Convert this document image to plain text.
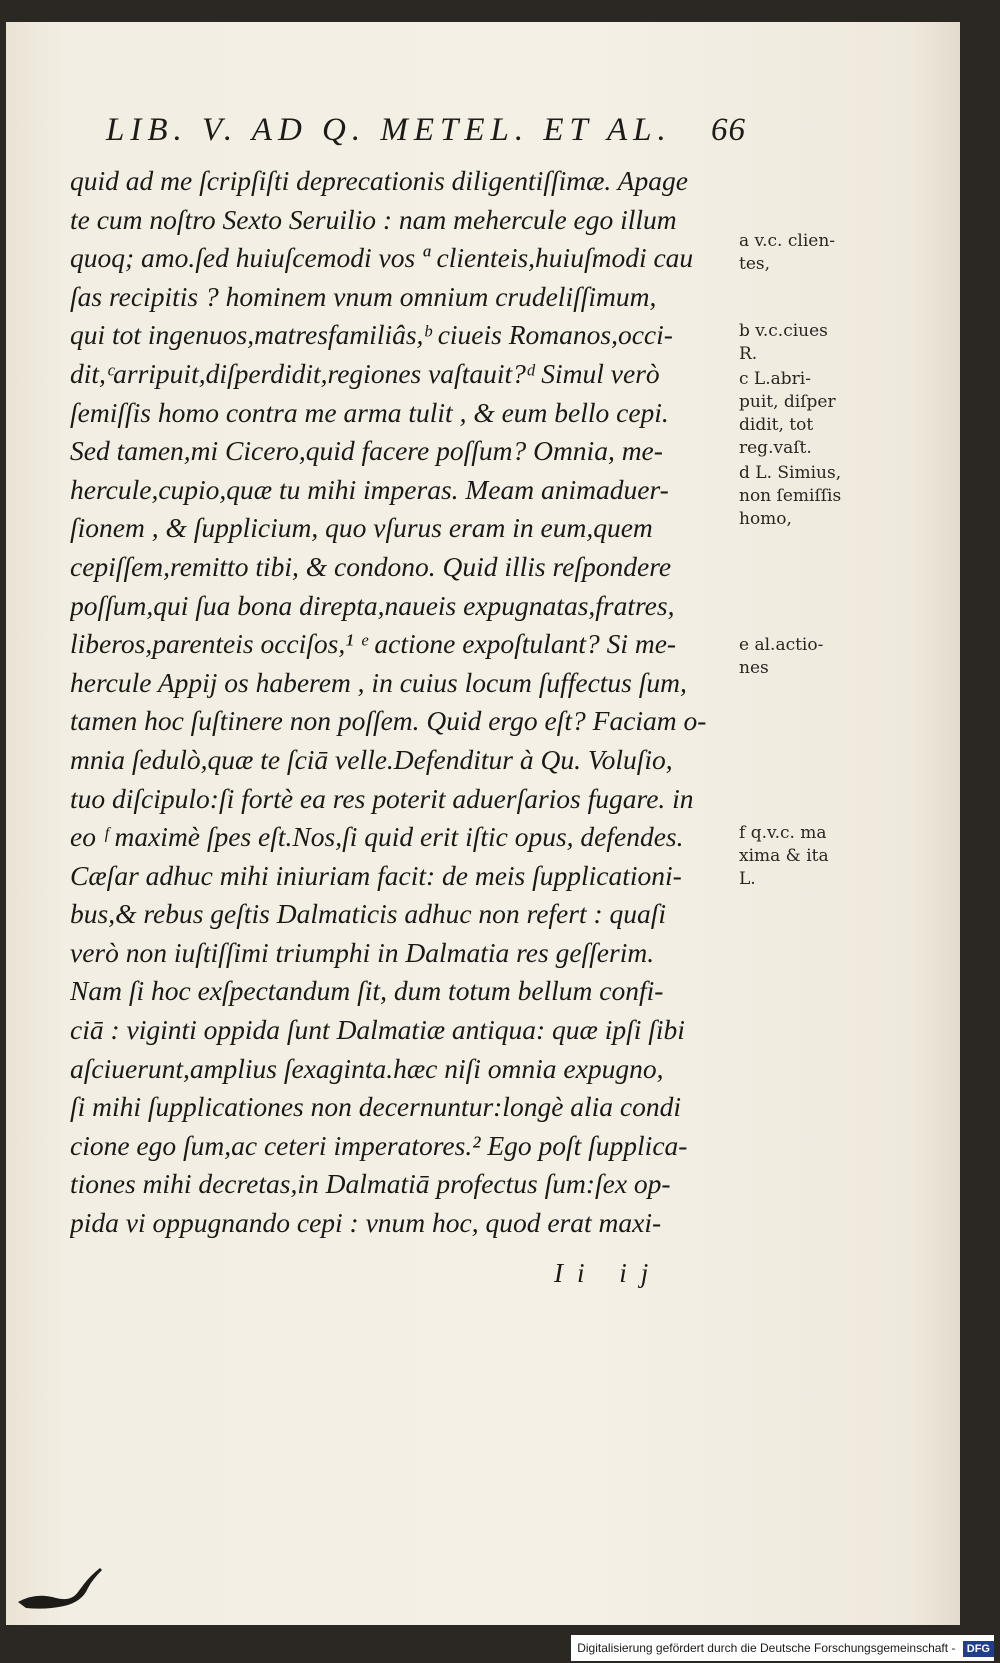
LIB. V. AD Q. METEL. ET AL. 66
quid ad me ſcripſiſti deprecationis diligentiſſimæ. Apage
te cum noſtro Sexto Seruilio : nam mehercule ego illum
quoq; amo.ſed huiuſcemodi vos ª clienteis,huiuſmodi cau
ſas recipitis ? hominem vnum omnium crudeliſſimum,
qui tot ingenuos,matresfamiliâs,ᵇ ciueis Romanos,occi-
dit,ᶜarripuit,diſperdidit,regiones vaſtauit?ᵈ Simul verò
ſemiſſis homo contra me arma tulit , & eum bello cepi.
Sed tamen,mi Cicero,quid facere poſſum? Omnia, me-
hercule,cupio,quæ tu mihi imperas. Meam animaduer-
ſionem , & ſupplicium, quo vſurus eram in eum,quem
cepiſſem,remitto tibi, & condono. Quid illis reſpondere
poſſum,qui ſua bona direpta,naueis expugnatas,fratres,
liberos,parenteis occiſos,¹ ᵉ actione expoſtulant? Si me-
hercule Appij os haberem , in cuius locum ſuffectus ſum,
tamen hoc ſuſtinere non poſſem. Quid ergo eſt? Faciam o-
mnia ſedulò,quæ te ſciā velle.Defenditur à Qu. Voluſio,
tuo diſcipulo:ſi fortè ea res poterit aduerſarios fugare. in
eo ᶠ maximè ſpes eſt.Nos,ſi quid erit iſtic opus, defendes.
Cæſar adhuc mihi iniuriam facit: de meis ſupplicationi-
bus,& rebus geſtis Dalmaticis adhuc non refert : quaſi
verò non iuſtiſſimi triumphi in Dalmatia res geſſerim.
Nam ſi hoc exſpectandum ſit, dum totum bellum confi-
ciā : viginti oppida ſunt Dalmatiæ antiqua: quæ ipſi ſibi
aſciuerunt,amplius ſexaginta.hæc niſi omnia expugno,
ſi mihi ſupplicationes non decernuntur:longè alia condi
cione ego ſum,ac ceteri imperatores.² Ego poſt ſupplica-
tiones mihi decretas,in Dalmatiā profectus ſum:ſex op-
pida vi oppugnando cepi : vnum hoc, quod erat maxi-
a v.c. clien-
tes,
b v.c.ciues
R.
c L.abri-
puit, diſper
didit, tot
reg.vaſt.
d L. Simius,
non ſemiſſis
homo,
e al.actio-
nes
f q.v.c. ma
xima & ita
L.
Ii ij
Digitalisierung gefördert durch die Deutsche Forschungsgemeinschaft - DFG
